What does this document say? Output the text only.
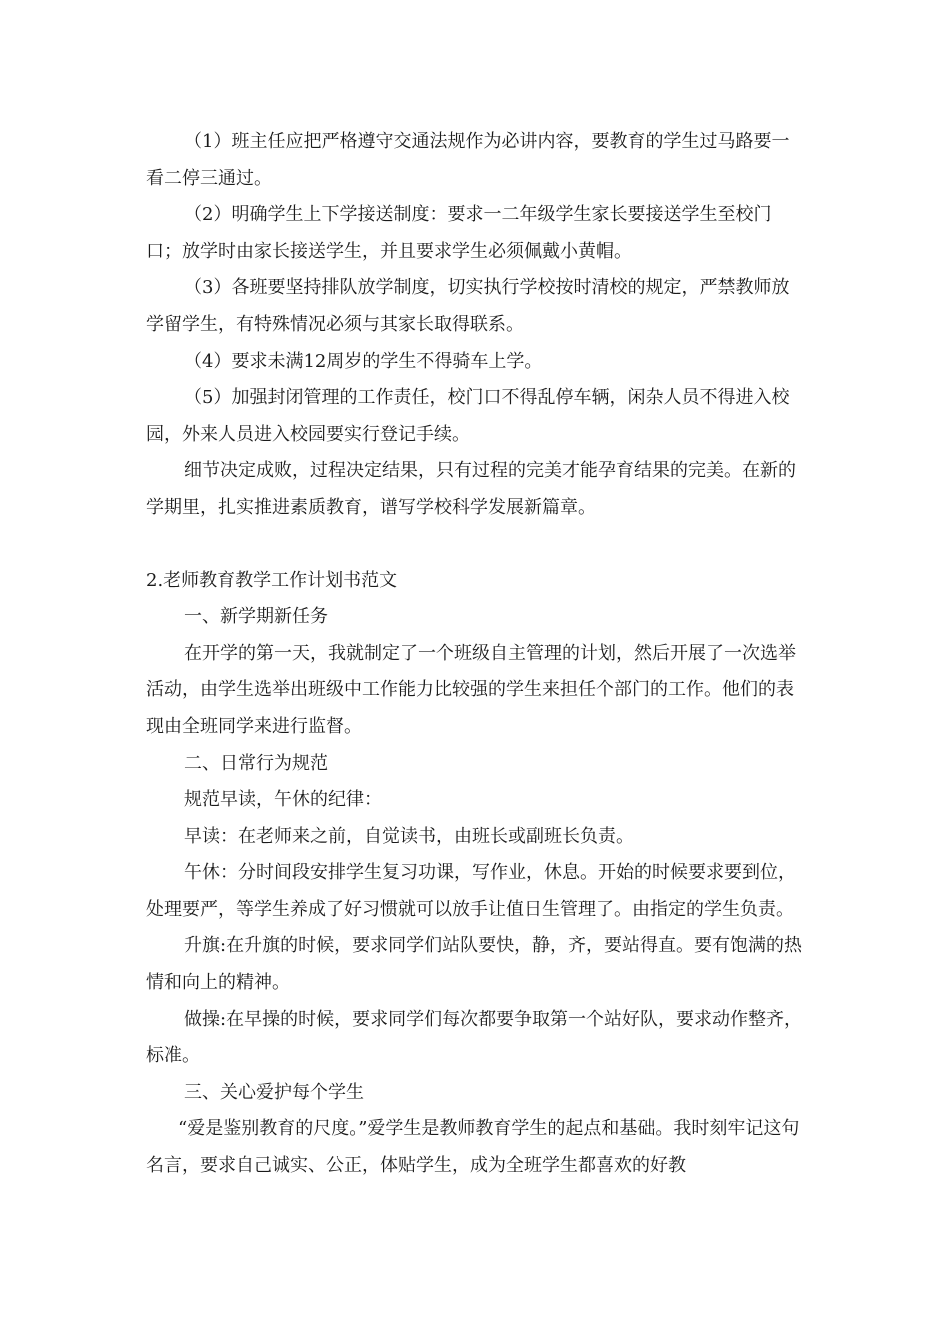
（1）班主任应把严格遵守交通法规作为必讲内容，要教育的学生过马路要一看二停三通过。

（2）明确学生上下学接送制度：要求一二年级学生家长要接送学生至校门口；放学时由家长接送学生，并且要求学生必须佩戴小黄帽。

（3）各班要坚持排队放学制度，切实执行学校按时清校的规定，严禁教师放学留学生，有特殊情况必须与其家长取得联系。

（4）要求未满12周岁的学生不得骑车上学。

（5）加强封闭管理的工作责任，校门口不得乱停车辆，闲杂人员不得进入校园，外来人员进入校园要实行登记手续。

细节决定成败，过程决定结果，只有过程的完美才能孕育结果的完美。在新的学期里，扎实推进素质教育，谱写学校科学发展新篇章。

2.老师教育教学工作计划书范文

一、新学期新任务

在开学的第一天，我就制定了一个班级自主管理的计划，然后开展了一次选举活动，由学生选举出班级中工作能力比较强的学生来担任个部门的工作。他们的表现由全班同学来进行监督。

二、日常行为规范

规范早读，午休的纪律：

早读：在老师来之前，自觉读书，由班长或副班长负责。

午休：分时间段安排学生复习功课，写作业，休息。开始的时候要求要到位，处理要严，等学生养成了好习惯就可以放手让值日生管理了。由指定的学生负责。

升旗:在升旗的时候，要求同学们站队要快，静，齐，要站得直。要有饱满的热情和向上的精神。

做操:在早操的时候，要求同学们每次都要争取第一个站好队，要求动作整齐，标准。

三、关心爱护每个学生

“爱是鉴别教育的尺度。”爱学生是教师教育学生的起点和基础。我时刻牢记这句名言，要求自己诚实、公正，体贴学生，成为全班学生都喜欢的好教
